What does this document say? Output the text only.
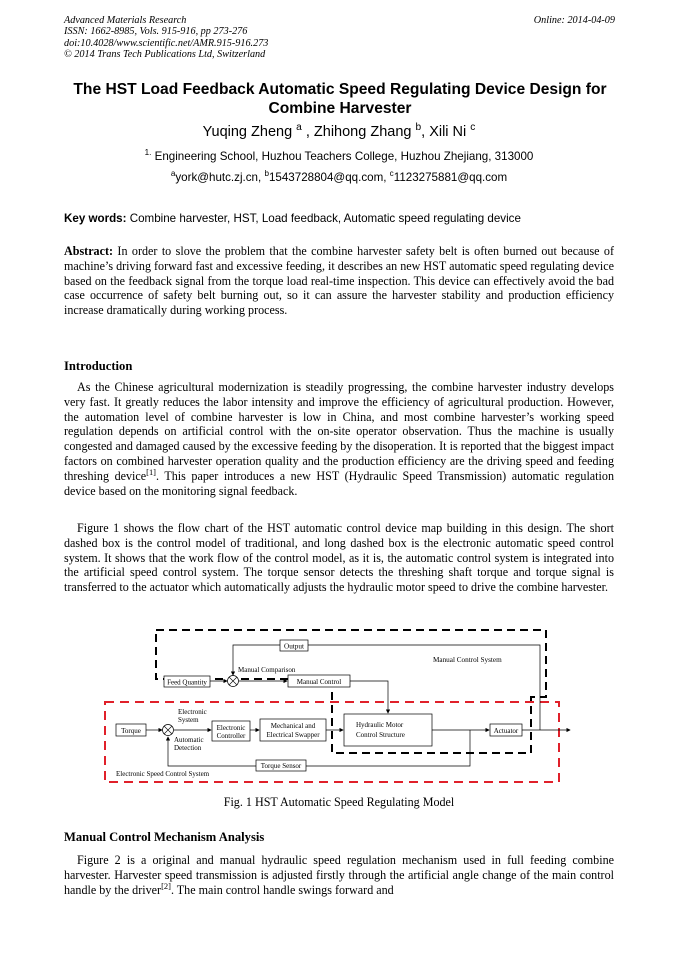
Advanced Materials Research
ISSN: 1662-8985, Vols. 915-916, pp 273-276
doi:10.4028/www.scientific.net/AMR.915-916.273
© 2014 Trans Tech Publications Ltd, Switzerland
Online: 2014-04-09
The HST Load Feedback Automatic Speed Regulating Device Design for
Combine Harvester
Yuqing Zheng $^a$ , Zhihong Zhang $^b$, Xili Ni $^c$
$^{1.}$ Engineering School, Huzhou Teachers College, Huzhou Zhejiang, 313000
$^a$york@hutc.zj.cn, $^b$1543728804@qq.com, $^c$1123275881@qq.com
Key words: Combine harvester, HST, Load feedback, Automatic speed regulating device
Abstract: In order to slove the problem that the combine harvester safety belt is often burned out because of machine’s driving forward fast and excessive feeding, it describes an new HST automatic speed regulating device based on the feedback signal from the torque load real-time inspection. This device can effectively avoid the bad case occurrence of safety belt burning out, so it can assure the harvester stability and production efficiency increase dramatically during working process.
Introduction
As the Chinese agricultural modernization is steadily progressing, the combine harvester industry develops very fast. It greatly reduces the labor intensity and improve the efficiency of agricultural production. However, the automation level of combine harvester is low in China, and most combine harvester’s working speed regulation depends on artificial control with the on-site operator observation. Thus the machine is usually congested and damaged caused by the excessive feeding by the disoperation. It is reported that the biggest impact factors on combined harvester operation quality and the production efficiency are the driving speed and feeding threshing device[1]. This paper introduces a new HST (Hydraulic Speed Transmission) automatic regulation device based on the monitoring signal feedback.
Figure 1 shows the flow chart of the HST automatic control device map building in this design. The short dashed box is the control model of traditional, and long dashed box is the electronic automatic speed control system. It shows that the work flow of the control model, as it is, the automatic control system is integrated into the artificial speed control system. The torque sensor detects the threshing shaft torque and torque signal is transferred to the actuator which automatically adjusts the hydraulic motor speed to drive the combine harvester.
Output
Manual Control System
Feed Quantity
Manual Comparison
Manual Control
Torque
Electronic
System
Automatic
Detection
Electronic
Controller
Mechanical and
Electrical Swapper
Hydraulic Motor
Control Structure	Actuator
Torque Sensor
Electronic Speed Control System
Fig. 1 HST Automatic Speed Regulating Model
Manual Control Mechanism Analysis
Figure 2 is a original and manual hydraulic speed regulation mechanism used in full feeding combine harvester. Harvester speed transmission is adjusted firstly through the artificial angle change of the main control handle by the driver[2]. The main control handle swings forward and
